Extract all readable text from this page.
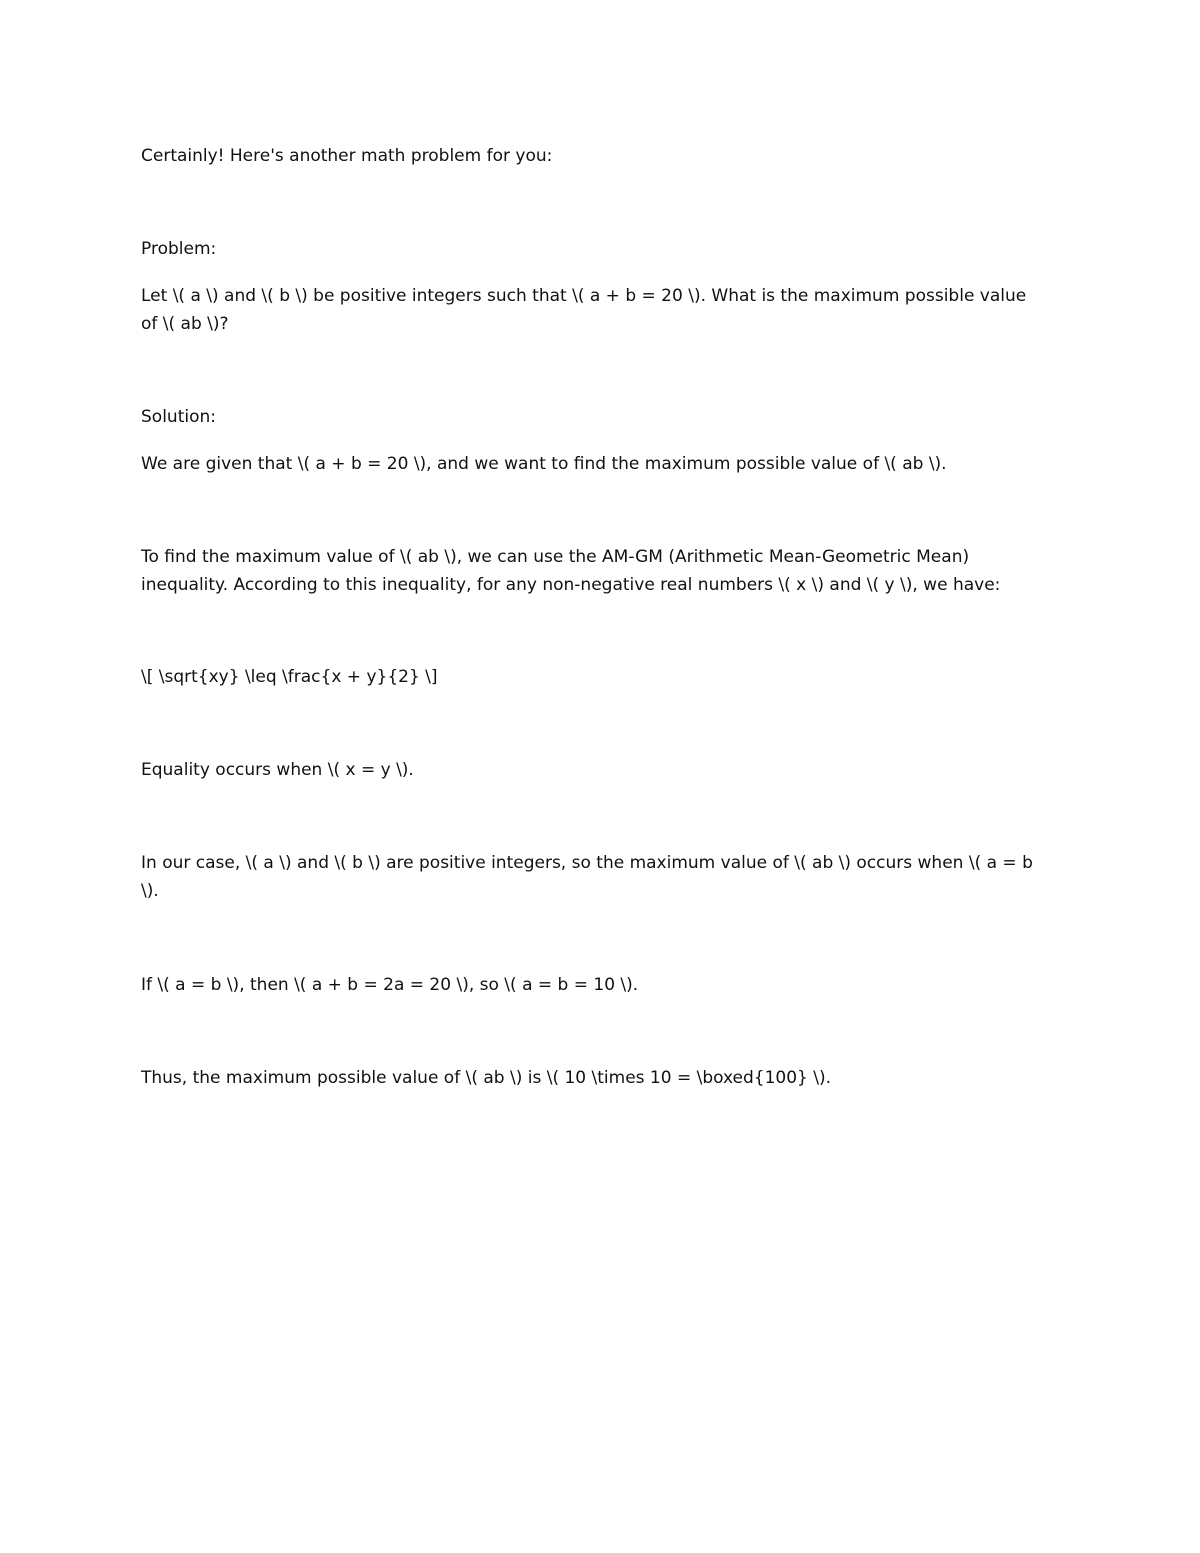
Certainly! Here's another math problem for you:

Problem:

Let \( a \) and \( b \) be positive integers such that \( a + b = 20 \). What is the maximum possible value of \( ab \)?

Solution:

We are given that \( a + b = 20 \), and we want to find the maximum possible value of \( ab \).

To find the maximum value of \( ab \), we can use the AM-GM (Arithmetic Mean-Geometric Mean) inequality. According to this inequality, for any non-negative real numbers \( x \) and \( y \), we have:

\[ \sqrt{xy} \leq \frac{x + y}{2} \]

Equality occurs when \( x = y \).

In our case, \( a \) and \( b \) are positive integers, so the maximum value of \( ab \) occurs when \( a = b \).

If \( a = b \), then \( a + b = 2a = 20 \), so \( a = b = 10 \).

Thus, the maximum possible value of \( ab \) is \( 10 \times 10 = \boxed{100} \).
